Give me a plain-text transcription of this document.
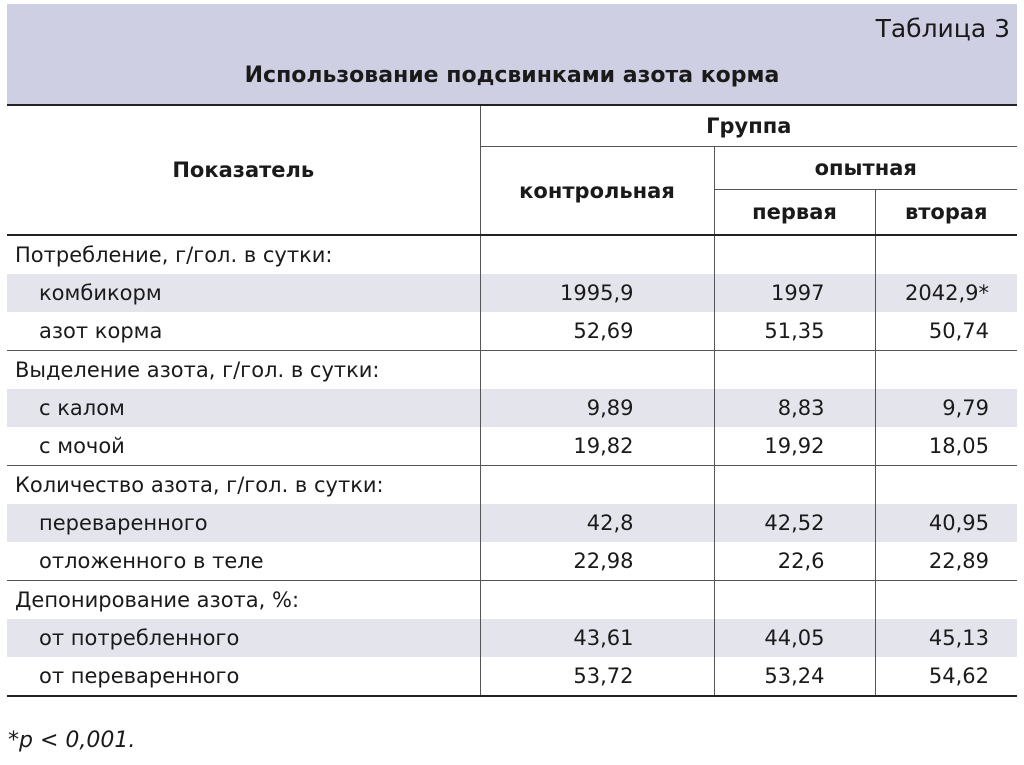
Таблица 3
Использование подсвинками азота корма
Показатель	Группа		
	контрольная	опытная	
		первая	вторая
Потребление, г/гол. в сутки:			
комбикорм	1995,9	1997	2042,9*
азот корма	52,69	51,35	50,74
Выделение азота, г/гол. в сутки:			
с калом	9,89	8,83	9,79
с мочой	19,82	19,92	18,05
Количество азота, г/гол. в сутки:			
переваренного	42,8	42,52	40,95
отложенного в теле	22,98	22,6	22,89
Депонирование азота, %:			
от потребленного	43,61	44,05	45,13
от переваренного	53,72	53,24	54,62
*p < 0,001.
